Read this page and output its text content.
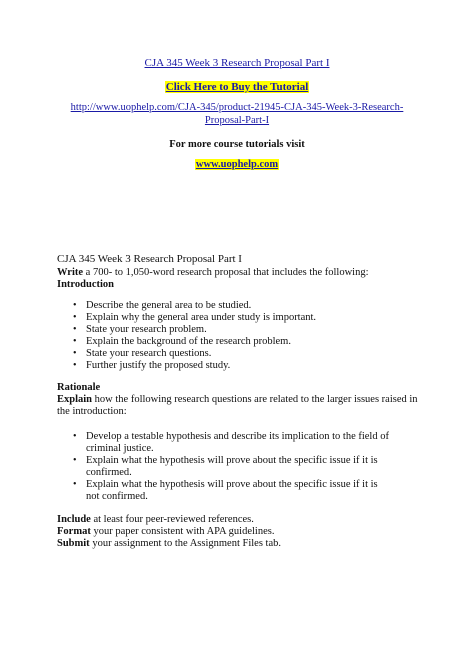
CJA 345 Week 3 Research Proposal Part I
Click Here to Buy the Tutorial
http://www.uophelp.com/CJA-345/product-21945-CJA-345-Week-3-Research-
Proposal-Part-I
For more course tutorials visit
www.uophelp.com
CJA 345 Week 3 Research Proposal Part I
Write a 700- to 1,050-word research proposal that includes the following:
Introduction
• Describe the general area to be studied.
• Explain why the general area under study is important.
• State your research problem.
• Explain the background of the research problem.
• State your research questions.
• Further justify the proposed study.
Rationale
Explain how the following research questions are related to the larger issues raised in
the introduction:
• Develop a testable hypothesis and describe its implication to the field of
criminal justice.
• Explain what the hypothesis will prove about the specific issue if it is
confirmed.
• Explain what the hypothesis will prove about the specific issue if it is
not confirmed.
Include at least four peer-reviewed references.
Format your paper consistent with APA guidelines.
Submit your assignment to the Assignment Files tab.
